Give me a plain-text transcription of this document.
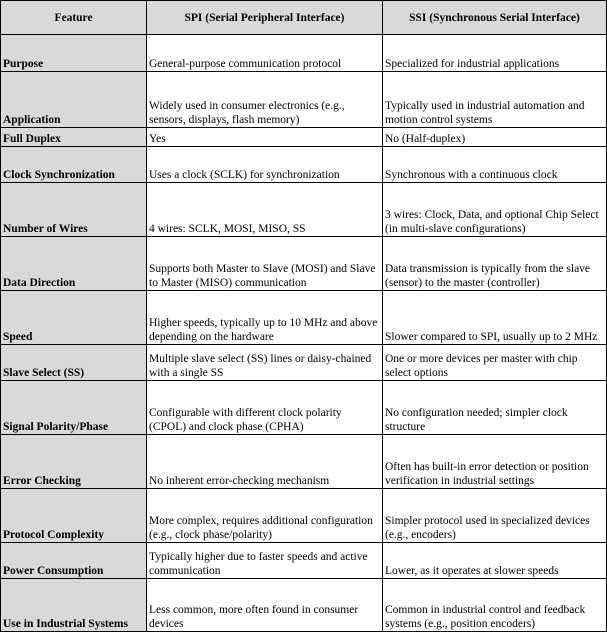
Feature	SPI (Serial Peripheral Interface)	SSI (Synchronous Serial Interface)
Purpose	General-purpose communication protocol	Specialized for industrial applications
Application	Widely used in consumer electronics (e.g., sensors, displays, flash memory)	Typically used in industrial automation and motion control systems
Full Duplex	Yes	No (Half-duplex)
Clock Synchronization	Uses a clock (SCLK) for synchronization	Synchronous with a continuous clock
Number of Wires	4 wires: SCLK, MOSI, MISO, SS	3 wires: Clock, Data, and optional Chip Select (in multi-slave configurations)
Data Direction	Supports both Master to Slave (MOSI) and Slave to Master (MISO) communication	Data transmission is typically from the slave (sensor) to the master (controller)
Speed	Higher speeds, typically up to 10 MHz and above depending on the hardware	Slower compared to SPI, usually up to 2 MHz
Slave Select (SS)	Multiple slave select (SS) lines or daisy-chained with a single SS	One or more devices per master with chip select options
Signal Polarity/Phase	Configurable with different clock polarity (CPOL) and clock phase (CPHA)	No configuration needed; simpler clock structure
Error Checking	No inherent error-checking mechanism	Often has built-in error detection or position verification in industrial settings
Protocol Complexity	More complex, requires additional configuration (e.g., clock phase/polarity)	Simpler protocol used in specialized devices (e.g., encoders)
Power Consumption	Typically higher due to faster speeds and active communication	Lower, as it operates at slower speeds
Use in Industrial Systems	Less common, more often found in consumer devices	Common in industrial control and feedback systems (e.g., position encoders)
